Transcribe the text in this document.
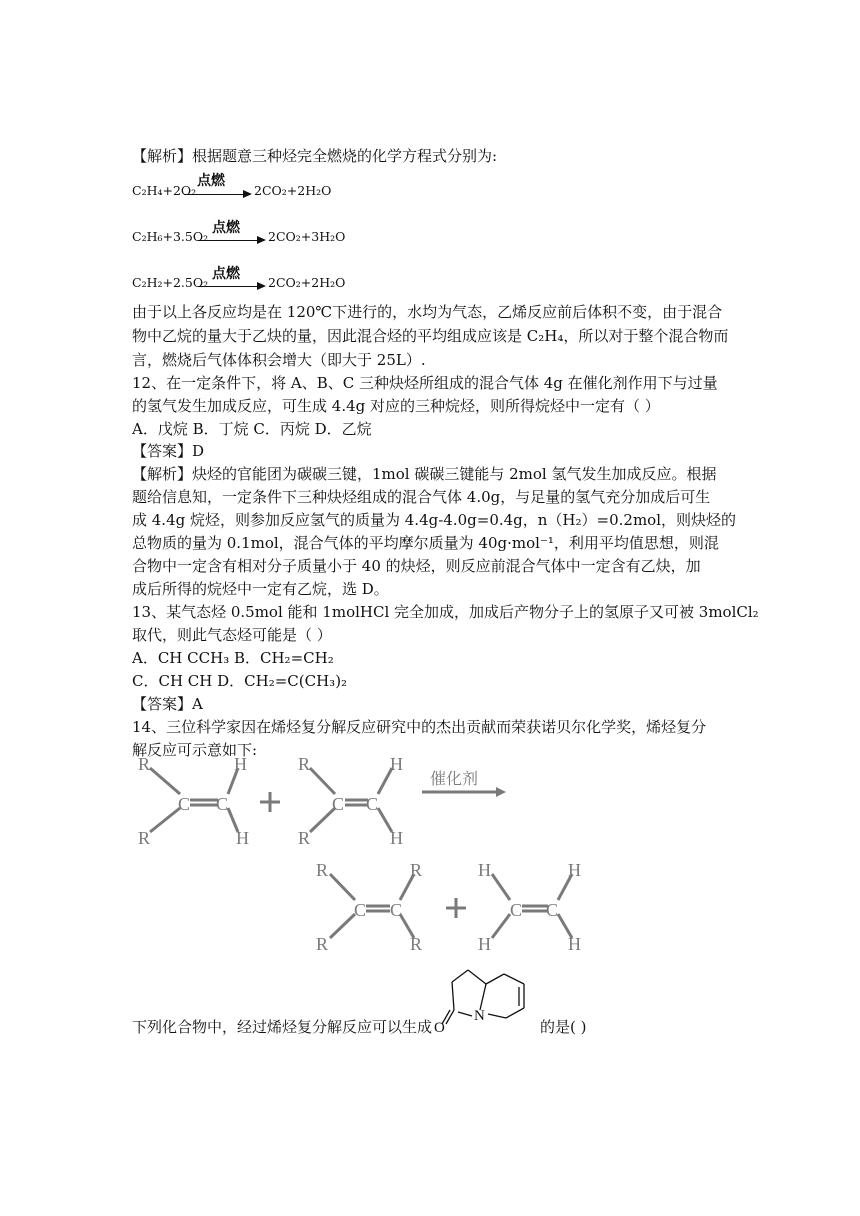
【解析】根据题意三种烃完全燃烧的化学方程式分别为:
C₂H₄+2O₂
点燃
2CO₂+2H₂O
C₂H₆+3.5O₂
点燃
2CO₂+3H₂O
C₂H₂+2.5O₂
点燃
2CO₂+2H₂O
由于以上各反应均是在 120℃下进行的，水均为气态，乙烯反应前后体积不变，由于混合
物中乙烷的量大于乙炔的量，因此混合烃的平均组成应该是 C₂H₄，所以对于整个混合物而
言，燃烧后气体体积会增大（即大于 25L）.
12、在一定条件下，将 A、B、C 三种炔烃所组成的混合气体 4g 在催化剂作用下与过量
的氢气发生加成反应，可生成 4.4g 对应的三种烷烃，则所得烷烃中一定有（ ）
A．戊烷 B．丁烷 C．丙烷 D．乙烷
【答案】D
【解析】炔烃的官能团为碳碳三键，1mol 碳碳三键能与 2mol 氢气发生加成反应。根据
题给信息知，一定条件下三种炔烃组成的混合气体 4.0g，与足量的氢气充分加成后可生
成 4.4g 烷烃，则参加反应氢气的质量为 4.4g-4.0g=0.4g，n（H₂）=0.2mol，则炔烃的
总物质的量为 0.1mol，混合气体的平均摩尔质量为 40g·mol⁻¹，利用平均值思想，则混
合物中一定含有相对分子质量小于 40 的炔烃，则反应前混合气体中一定含有乙炔，加
成后所得的烷烃中一定有乙烷，选 D。
13、某气态烃 0.5mol 能和 1molHCl 完全加成，加成后产物分子上的氢原子又可被 3molCl₂
取代，则此气态烃可能是（ ）
A．CH CCH₃ B．CH₂=CH₂
C．CH CH D．CH₂=C(CH₃)₂
【答案】A
14、三位科学家因在烯烃复分解反应研究中的杰出贡献而荣获诺贝尔化学奖，烯烃复分
解反应可示意如下:
R
R
C C
H
H
R
R
C C
H
H
催化剂
R
R
C C
R
R
H
H
C C
H
H
下列化合物中，经过烯烃复分解反应可以生成 O
N
的是( )
